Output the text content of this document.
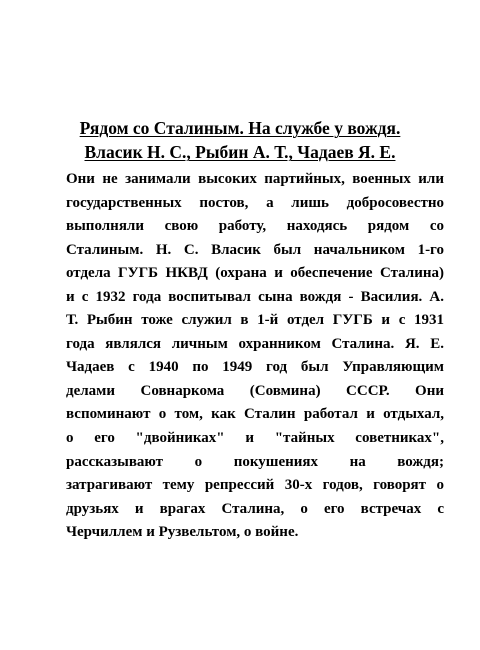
Рядом со Сталиным. На службе у вождя.
Власик Н. С., Рыбин А. Т., Чадаев Я. Е.
Они не занимали высоких партийных, военных или
государственных постов, а лишь добросовестно
выполняли свою работу, находясь рядом со
Сталиным. Н. С. Власик был начальником 1-го
отдела ГУГБ НКВД (охрана и обеспечение Сталина)
и с 1932 года воспитывал сына вождя - Василия. А.
Т. Рыбин тоже служил в 1-й отдел ГУГБ и с 1931
года являлся личным охранником Сталина. Я. Е.
Чадаев с 1940 по 1949 год был Управляющим
делами Совнаркома (Совмина) СССР. Они
вспоминают о том, как Сталин работал и отдыхал,
о его "двойниках" и "тайных советниках",
рассказывают о покушениях на вождя;
затрагивают тему репрессий 30-х годов, говорят о
друзьях и врагах Сталина, о его встречах с
Черчиллем и Рузвельтом, о войне.
